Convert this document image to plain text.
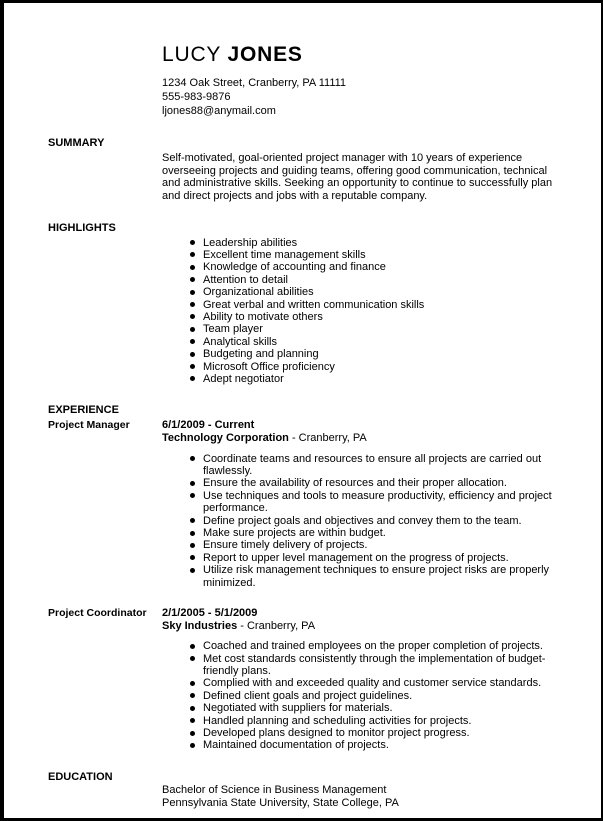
LUCY JONES
1234 Oak Street, Cranberry, PA 11111
555-983-9876
ljones88@anymail.com
SUMMARY
Self-motivated, goal-oriented project manager with 10 years of experience overseeing projects and guiding teams, offering good communication, technical and administrative skills. Seeking an opportunity to continue to successfully plan and direct projects and jobs with a reputable company.
HIGHLIGHTS
Leadership abilities
Excellent time management skills
Knowledge of accounting and finance
Attention to detail
Organizational abilities
Great verbal and written communication skills
Ability to motivate others
Team player
Analytical skills
Budgeting and planning
Microsoft Office proficiency
Adept negotiator
EXPERIENCE
Project Manager	6/1/2009 - Current
Technology Corporation - Cranberry, PA
Coordinate teams and resources to ensure all projects are carried out flawlessly.
Ensure the availability of resources and their proper allocation.
Use techniques and tools to measure productivity, efficiency and project performance.
Define project goals and objectives and convey them to the team.
Make sure projects are within budget.
Ensure timely delivery of projects.
Report to upper level management on the progress of projects.
Utilize risk management techniques to ensure project risks are properly minimized.
Project Coordinator	2/1/2005 - 5/1/2009
Sky Industries - Cranberry, PA
Coached and trained employees on the proper completion of projects.
Met cost standards consistently through the implementation of budget-friendly plans.
Complied with and exceeded quality and customer service standards.
Defined client goals and project guidelines.
Negotiated with suppliers for materials.
Handled planning and scheduling activities for projects.
Developed plans designed to monitor project progress.
Maintained documentation of projects.
EDUCATION
Bachelor of Science in Business Management
Pennsylvania State University, State College, PA
